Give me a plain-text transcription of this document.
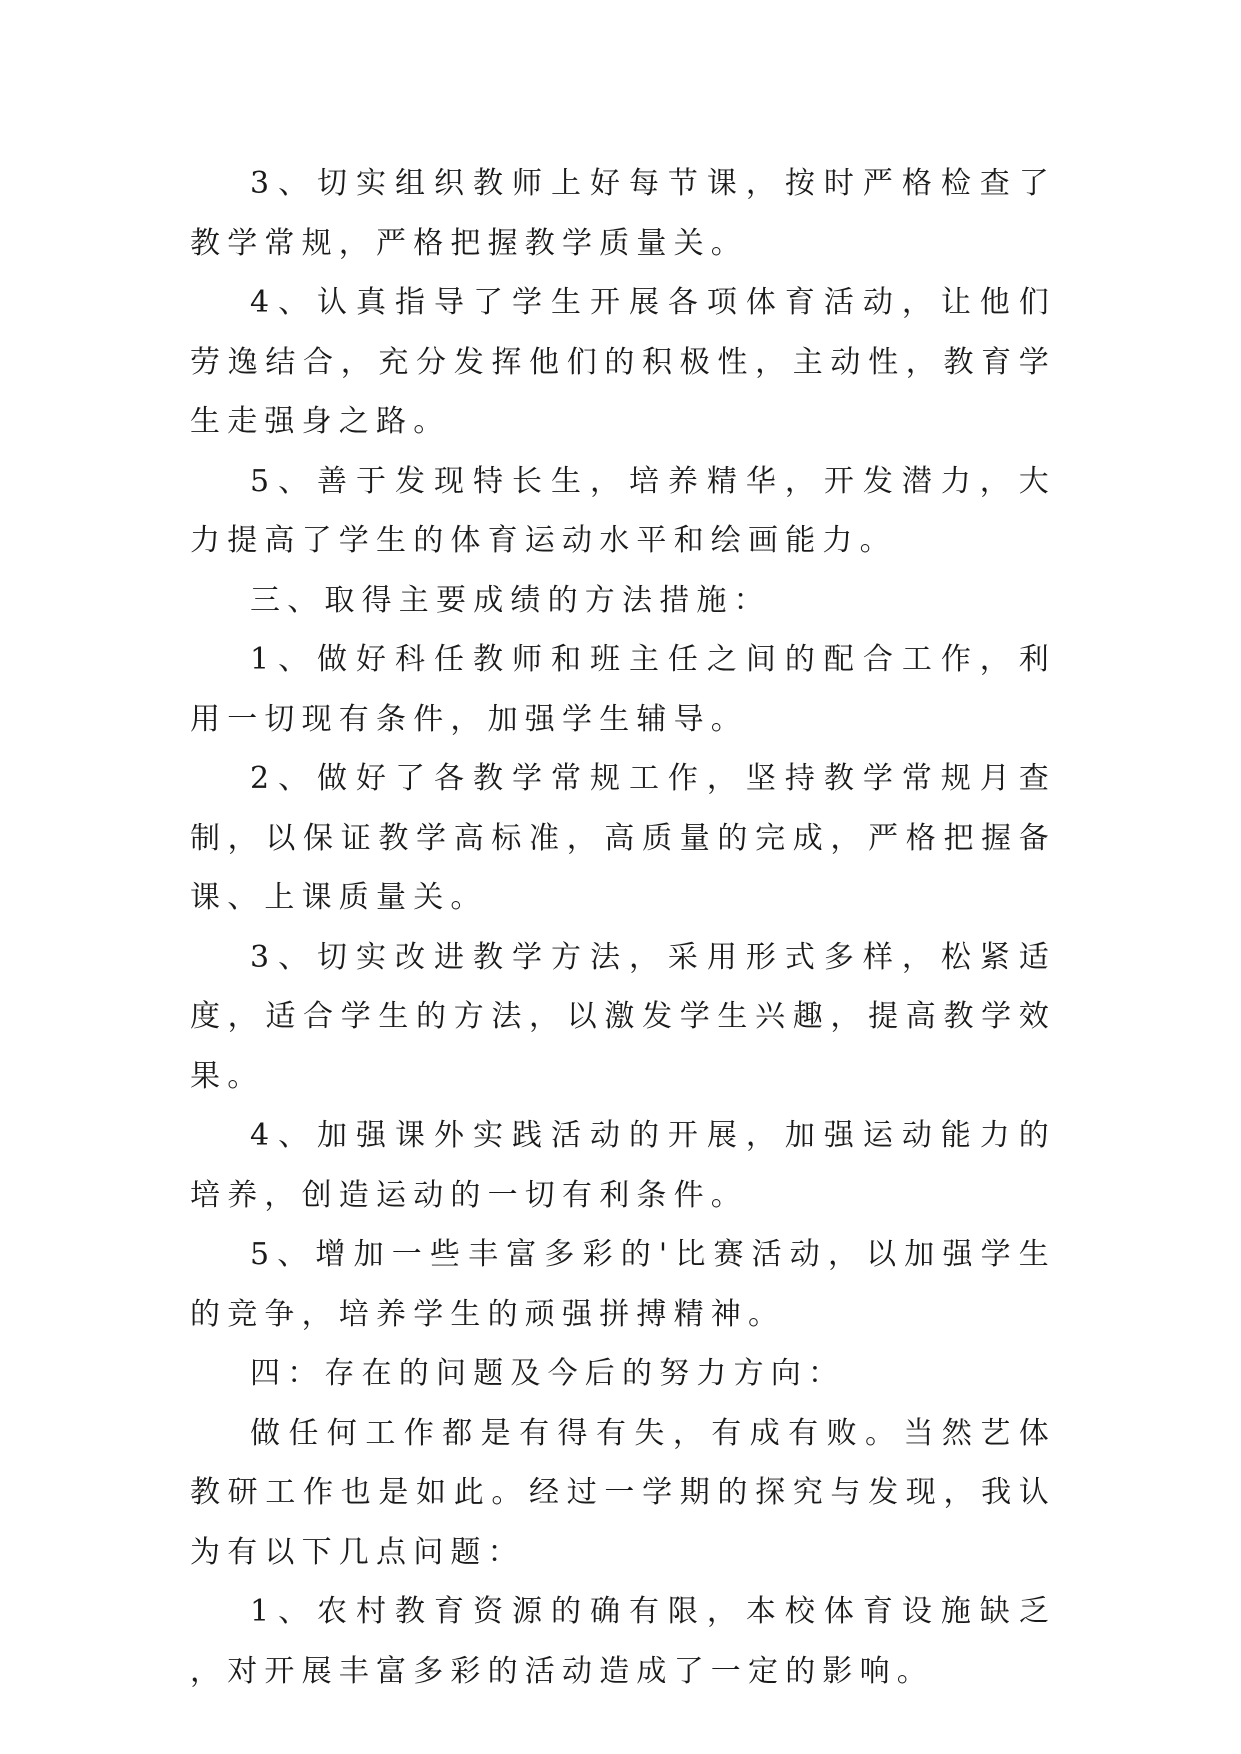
3、切实组织教师上好每节课，按时严格检查了教学常规，严格把握教学质量关。

4、认真指导了学生开展各项体育活动，让他们劳逸结合，充分发挥他们的积极性，主动性，教育学生走强身之路。

5、善于发现特长生，培养精华，开发潜力，大力提高了学生的体育运动水平和绘画能力。

三、取得主要成绩的方法措施：

1、做好科任教师和班主任之间的配合工作，利用一切现有条件，加强学生辅导。

2、做好了各教学常规工作，坚持教学常规月查制，以保证教学高标准，高质量的完成，严格把握备课、上课质量关。

3、切实改进教学方法，采用形式多样，松紧适度，适合学生的方法，以激发学生兴趣，提高教学效果。

4、加强课外实践活动的开展，加强运动能力的培养，创造运动的一切有利条件。

5、增加一些丰富多彩的'比赛活动，以加强学生的竞争，培养学生的顽强拼搏精神。

四：存在的问题及今后的努力方向：

做任何工作都是有得有失，有成有败。当然艺体教研工作也是如此。经过一学期的探究与发现，我认为有以下几点问题：

1、农村教育资源的确有限，本校体育设施缺乏，对开展丰富多彩的活动造成了一定的影响。
